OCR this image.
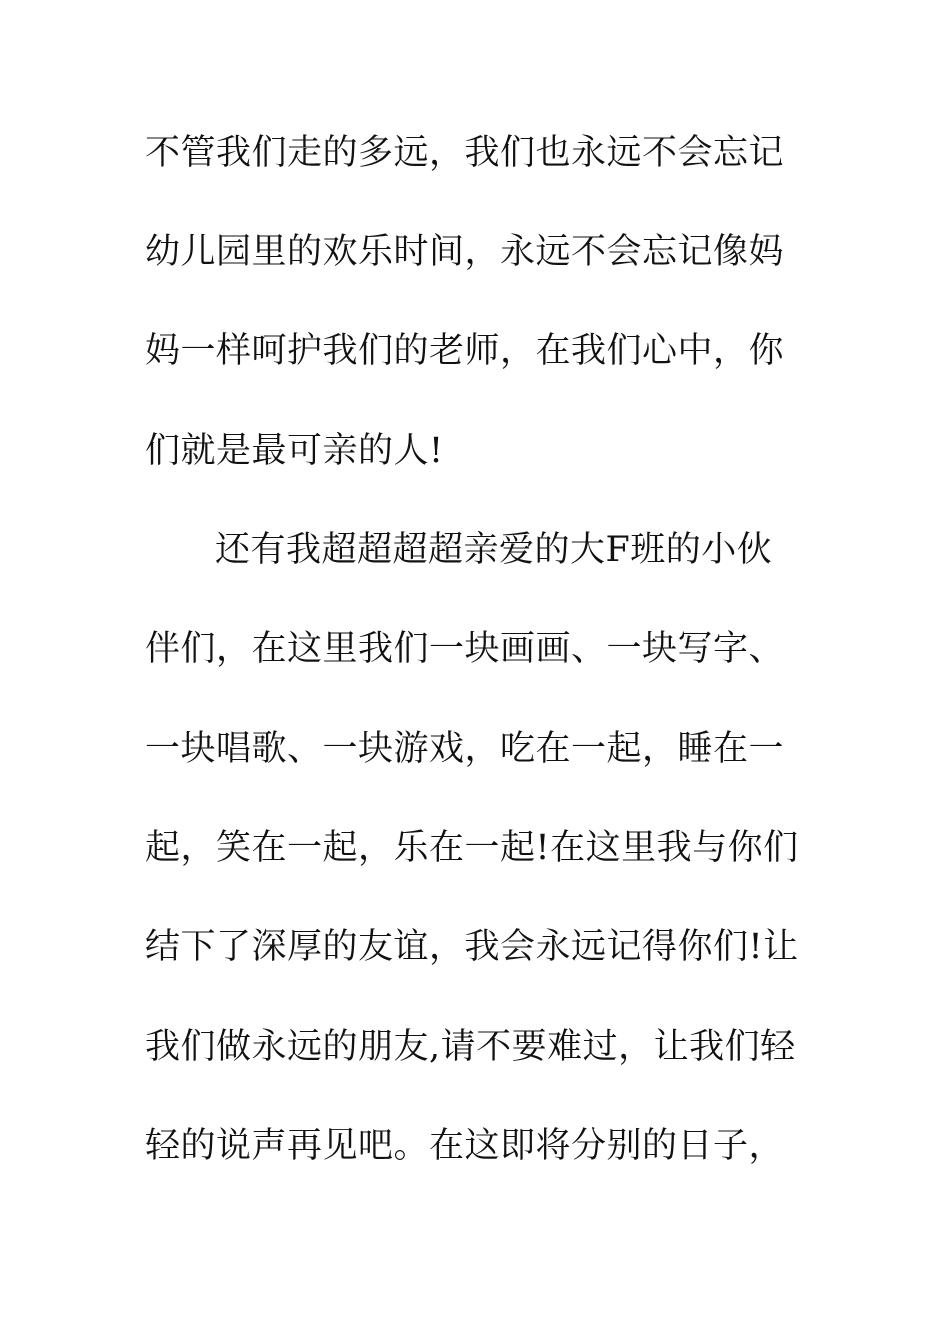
不管我们走的多远，我们也永远不会忘记
幼儿园里的欢乐时间，永远不会忘记像妈
妈一样呵护我们的老师，在我们心中，你
们就是最可亲的人!
还有我超超超超亲爱的大F班的小伙
伴们，在这里我们一块画画、一块写字、
一块唱歌、一块游戏，吃在一起，睡在一
起，笑在一起，乐在一起!在这里我与你们
结下了深厚的友谊，我会永远记得你们!让
我们做永远的朋友,请不要难过，让我们轻
轻的说声再见吧。在这即将分别的日子，
